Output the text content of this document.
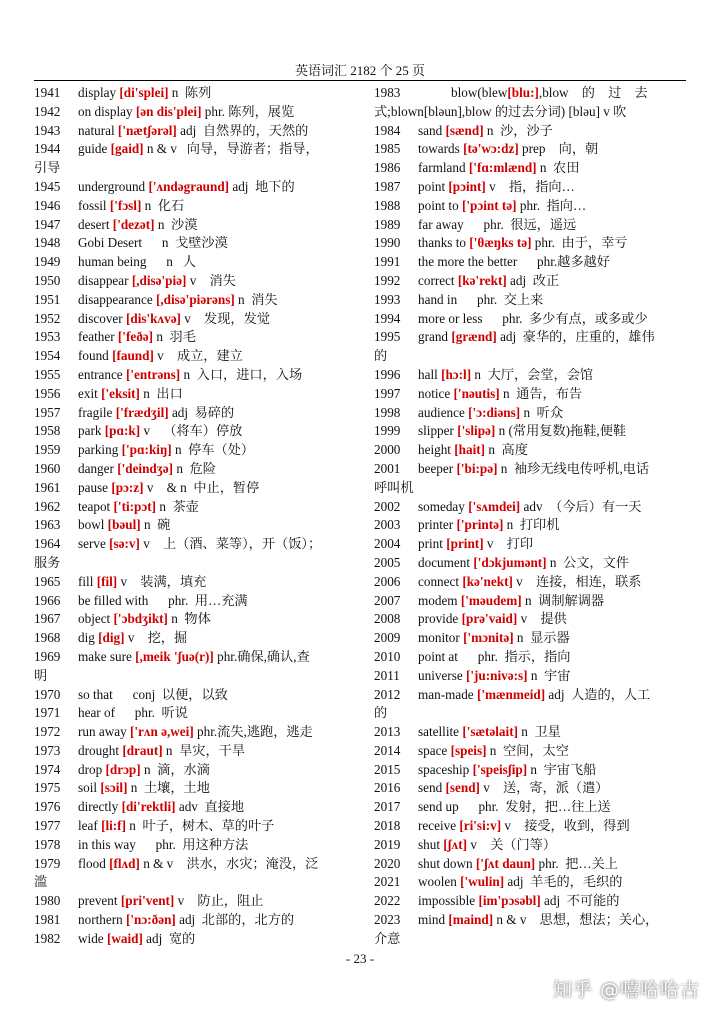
英语词汇 2182 个 25 页
1941 display [di'splei] n  陈列
1942 on display [ən dis'plei] phr. 陈列，展览
1943 natural ['nætʃərəl] adj  自然界的，天然的
1944 guide [gaid] n & v   向导，导游者；指导，
引导
1945 underground ['ʌndəgraund] adj  地下的
1946 fossil ['fɔsl] n  化石
1947 desert ['dezət] n  沙漠
1948 Gobi Desert      n  戈壁沙漠
1949 human being      n   人
1950 disappear [,disə'piə] v    消失
1951 disappearance [,disə'piərəns] n  消失
1952 discover [dis'kʌvə] v    发现，发觉
1953 feather ['feðə] n  羽毛
1954 found [faund] v    成立，建立
1955 entrance ['entrəns] n  入口，进口，入场
1956 exit ['eksit] n  出口
1957 fragile ['frædʒil] adj  易碎的
1958 park [pɑ:k] v    （将车）停放
1959 parking ['pɑ:kiŋ] n  停车（处）
1960 danger ['deindʒə] n  危险
1961 pause [pɔ:z] v    & n  中止，暂停
1962 teapot ['ti:pɔt] n  茶壶
1963 bowl [bəul] n  碗
1964 serve [sə:v] v    上（酒、菜等），开（饭）；
服务
1965 fill [fil] v    装满，填充
1966 be filled with      phr.  用…充满
1967 object ['ɔbdʒikt] n  物体
1968 dig [dig] v    挖，掘
1969 make sure [,meik 'ʃuə(r)] phr.确保,确认,查
明
1970 so that      conj  以便，以致
1971 hear of      phr.  听说
1972 run away ['rʌn ə,wei] phr.流失,逃跑，逃走
1973 drought [draut] n  旱灾，干旱
1974 drop [drɔp] n  滴，水滴
1975 soil [sɔil] n  土壤，土地
1976 directly [di'rektli] adv  直接地
1977 leaf [li:f] n  叶子，树木、草的叶子
1978 in this way      phr.  用这种方法
1979 flood [flʌd] n & v    洪水，水灾；淹没，泛
滥
1980 prevent [pri'vent] v    防止，阻止
1981 northern ['nɔ:ðən] adj  北部的，北方的
1982 wide [waid] adj  宽的
1983 blow(blew[blu:],blow    的    过    去
式;blown[bləun],blow 的过去分词) [bləu] v 吹
1984 sand [sænd] n  沙，沙子
1985 towards [tə'wɔ:dz] prep    向，朝
1986 farmland ['fɑ:mlænd] n  农田
1987 point [pɔint] v    指，指向…
1988 point to ['pɔint tə] phr.  指向…
1989 far away      phr.  很远，遥远
1990 thanks to ['θæŋks tə] phr.  由于，幸亏
1991 the more the better      phr.越多越好
1992 correct [kə'rekt] adj  改正
1993 hand in      phr.  交上来
1994 more or less      phr.  多少有点，或多或少
1995 grand [grænd] adj  豪华的，庄重的，雄伟
的
1996 hall [hɔ:l] n  大厅，会堂，会馆
1997 notice ['nəutis] n  通告，布告
1998 audience ['ɔ:diəns] n  听众
1999 slipper ['slipə] n (常用复数)拖鞋,便鞋
2000 height [hait] n  高度
2001 beeper ['bi:pə] n  袖珍无线电传呼机,电话
呼叫机
2002 someday ['sʌmdei] adv  （今后）有一天
2003 printer ['printə] n  打印机
2004 print [print] v    打印
2005 document ['dɔkjumənt] n  公文，文件
2006 connect [kə'nekt] v    连接，相连，联系
2007 modem ['məudem] n  调制解调器
2008 provide [prə'vaid] v    提供
2009 monitor ['mɔnitə] n  显示器
2010 point at      phr.  指示，指向
2011 universe ['ju:nivə:s] n  宇宙
2012 man-made ['mænmeid] adj  人造的，人工
的
2013 satellite ['sætəlait] n  卫星
2014 space [speis] n  空间，太空
2015 spaceship ['speisʃip] n  宇宙飞船
2016 send [send] v    送，寄，派（遣）
2017 send up      phr.  发射，把…往上送
2018 receive [ri'si:v] v    接受，收到，得到
2019 shut [ʃʌt] v    关（门等）
2020 shut down ['ʃʌt daun] phr.  把…关上
2021 woolen ['wulin] adj  羊毛的，毛织的
2022 impossible [im'pɔsəbl] adj  不可能的
2023 mind [maind] n & v    思想，想法；关心，
介意
- 23 -
知乎 @嘻哈哈古
